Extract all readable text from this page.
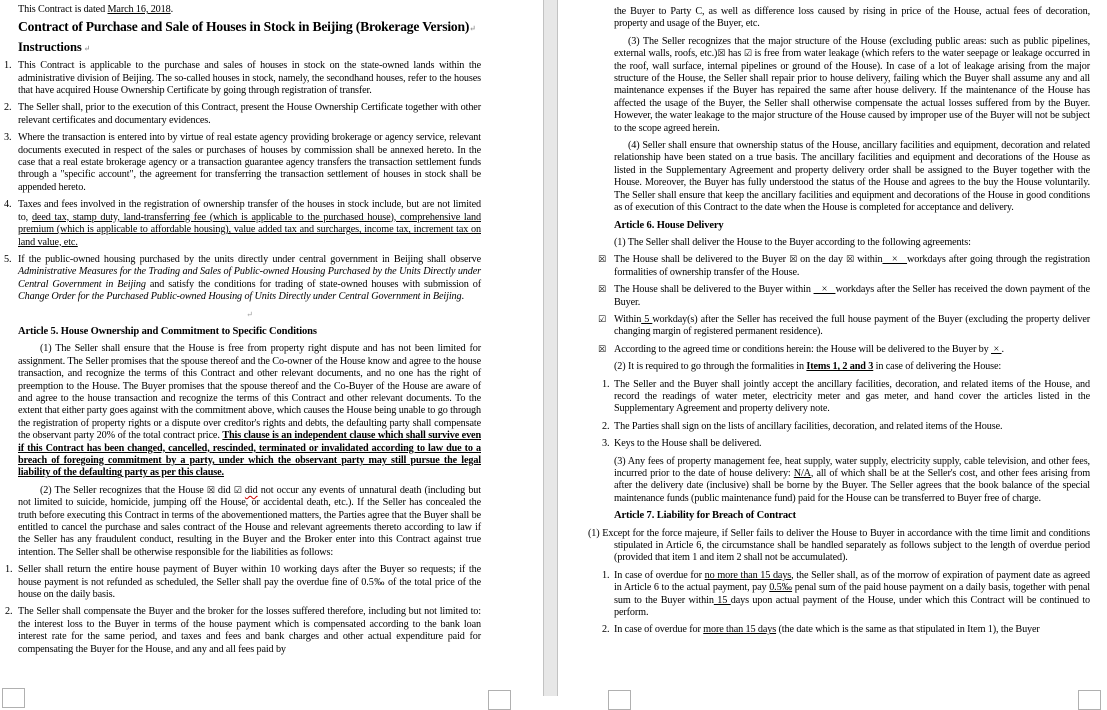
This Contract is dated March 16, 2018.

Contract of Purchase and Sale of Houses in Stock in Beijing (Brokerage Version)↵

Instructions ↵

1. This Contract is applicable to the purchase and sales of houses in stock on the state-owned lands within the administrative division of Beijing. The so-called houses in stock, namely, the secondhand houses, refer to the houses that have acquired House Ownership Certificate by going through registration of transfer.

2. The Seller shall, prior to the execution of this Contract, present the House Ownership Certificate together with other relevant certificates and documentary evidences.

3. Where the transaction is entered into by virtue of real estate agency providing brokerage or agency service, relevant documents executed in respect of the sales or purchases of houses by commission shall be annexed hereto. In the case that a real estate brokerage agency or a transaction guarantee agency transfers the transaction settlement funds through a "specific account", the agreement for transferring the transaction settlement of houses in stock shall be appended hereto.

4. Taxes and fees involved in the registration of ownership transfer of the houses in stock include, but are not limited to, deed tax, stamp duty, land-transferring fee (which is applicable to the purchased house), comprehensive land premium (which is applicable to affordable housing), value added tax and surcharges, income tax, increment tax on land value, etc.

5. If the public-owned housing purchased by the units directly under central government in Beijing shall observe Administrative Measures for the Trading and Sales of Public-owned Housing Purchased by the Units Directly under Central Government in Beijing and satisfy the conditions for trading of state-owned houses with submission of Change Order for the Purchased Public-owned Housing of Units Directly under Central Government in Beijing.

↵

Article 5. House Ownership and Commitment to Specific Conditions

(1) The Seller shall ensure that the House is free from property right dispute and has not been limited for assignment. The Seller promises that the spouse thereof and the Co-owner of the House know and agree to the house transaction, and recognize the terms of this Contract and other relevant documents, and no one has the right of preemption to the House. The Buyer promises that the spouse thereof and the Co-Buyer of the House are aware of and agree to the house transaction and recognize the terms of this Contract and other relevant documents. To the extent that either party goes against with the commitment above, which causes the House being unable to go through the registration of property rights or a dispute over creditor's rights and debts, the defaulting party shall compensate the observant party 20% of the total contract price. This clause is an independent clause which shall survive even if this Contract has been changed, cancelled, rescinded, terminated or invalidated according to law due to a breach of foregoing commitment by a party, under which the observant party may still pursue the legal liability of the defaulting party as per this clause.

(2) The Seller recognizes that the House ☒ did ☑ did not occur any events of unnatural death (including but not limited to suicide, homicide, jumping off the House, or accidental death, etc.). If the Seller has concealed the truth before executing this Contract in terms of the abovementioned matters, the Parties agree that the Buyer shall be entitled to cancel the purchase and sales contract of the House and relevant agreements thereto according to law if the Seller has any fraudulent conduct, resulting in the Buyer and the Broker enter into this Contract against true intention. The Seller shall be otherwise responsible for the liabilities as follows:

1. Seller shall return the entire house payment of Buyer within 10 working days after the Buyer so requests; if the house payment is not refunded as scheduled, the Seller shall pay the overdue fine of 0.5‰ of the total price of the house on the daily basis.

2. The Seller shall compensate the Buyer and the broker for the losses suffered therefore, including but not limited to: the interest loss to the Buyer in terms of the house payment which is compensated according to the bank loan interest rate for the same period, and taxes and fees and bank charges and other actual expenditure paid for compensating the Buyer for the House, and any and all fees paid by

the Buyer to Party C, as well as difference loss caused by rising in price of the House, actual fees of decoration, property and usage of the Buyer, etc.

(3) The Seller recognizes that the major structure of the House (excluding public areas: such as public pipelines, external walls, roofs, etc.)☒ has ☑ is free from water leakage (which refers to the water seepage or leakage occurred in the roof, wall surface, internal pipelines or ground of the House). In case of a lot of leakage arising from the major structure of the House, the Seller shall repair prior to house delivery, failing which the Buyer shall assume any and all maintenance expenses if the Buyer has repaired the same after house delivery. If the maintenance of the House has affected the usage of the Buyer, the Seller shall otherwise compensate the actual losses suffered from by the Buyer. However, the water leakage to the major structure of the House caused by improper use of the Buyer will not be subject to the scope agreed herein.

(4) Seller shall ensure that ownership status of the House, ancillary facilities and equipment, decoration and related relationship have been stated on a true basis. The ancillary facilities and equipment and decorations of the House as listed in the Supplementary Agreement and property delivery order shall be assigned to the Buyer together with the House. Moreover, the Buyer has fully understood the status of the House and agrees to the buy the House voluntarily. The Seller shall ensure that keep the ancillary facilities and equipment and decorations of the House in good conditions as of execution of this Contract to the date when the House is completed for acceptance and delivery.

Article 6. House Delivery

(1) The Seller shall deliver the House to the Buyer according to the following agreements:

☒ The House shall be delivered to the Buyer ☒ on the day ☒ within   ×   workdays after going through the registration formalities of ownership transfer of the House.

☒ The House shall be delivered to the Buyer within    ×   workdays after the Seller has received the down payment of the Buyer.

☑ Within 5 workday(s) after the Seller has received the full house payment of the Buyer (excluding the property deliver changing margin of registered permanent residence).

☒ According to the agreed time or conditions herein: the House will be delivered to the Buyer by  × .

(2) It is required to go through the formalities in Items 1, 2 and 3 in case of delivering the House:

1. The Seller and the Buyer shall jointly accept the ancillary facilities, decoration, and related items of the House, and record the readings of water meter, electricity meter and gas meter, and hand cover the articles listed in the Supplementary Agreement and property delivery note.

2. The Parties shall sign on the lists of ancillary facilities, decoration, and related items of the House.

3. Keys to the House shall be delivered.

(3) Any fees of property management fee, heat supply, water supply, electricity supply, cable television, and other fees, incurred prior to the date of house delivery: N/A, all of which shall be at the Seller's cost, and other fees arising from after the delivery date (inclusive) shall be borne by the Buyer. The Seller agrees that the book balance of the special maintenance funds (public maintenance fund) paid for the House can be transferred to Buyer free of charge.

Article 7. Liability for Breach of Contract

(1) Except for the force majeure, if Seller fails to deliver the House to Buyer in accordance with the time limit and conditions stipulated in Article 6, the circumstance shall be handled separately as follows subject to the length of overdue period (provided that item 1 and item 2 shall not be accumulated).

1. In case of overdue for no more than 15 days, the Seller shall, as of the morrow of expiration of payment date as agreed in Article 6 to the actual payment, pay 0.5‰ penal sum of the paid house payment on a daily basis, together with penal sum to the Buyer within 15 days upon actual payment of the House, under which this Contract will be continued to perform.

2. In case of overdue for more than 15 days (the date which is the same as that stipulated in Item 1), the Buyer
